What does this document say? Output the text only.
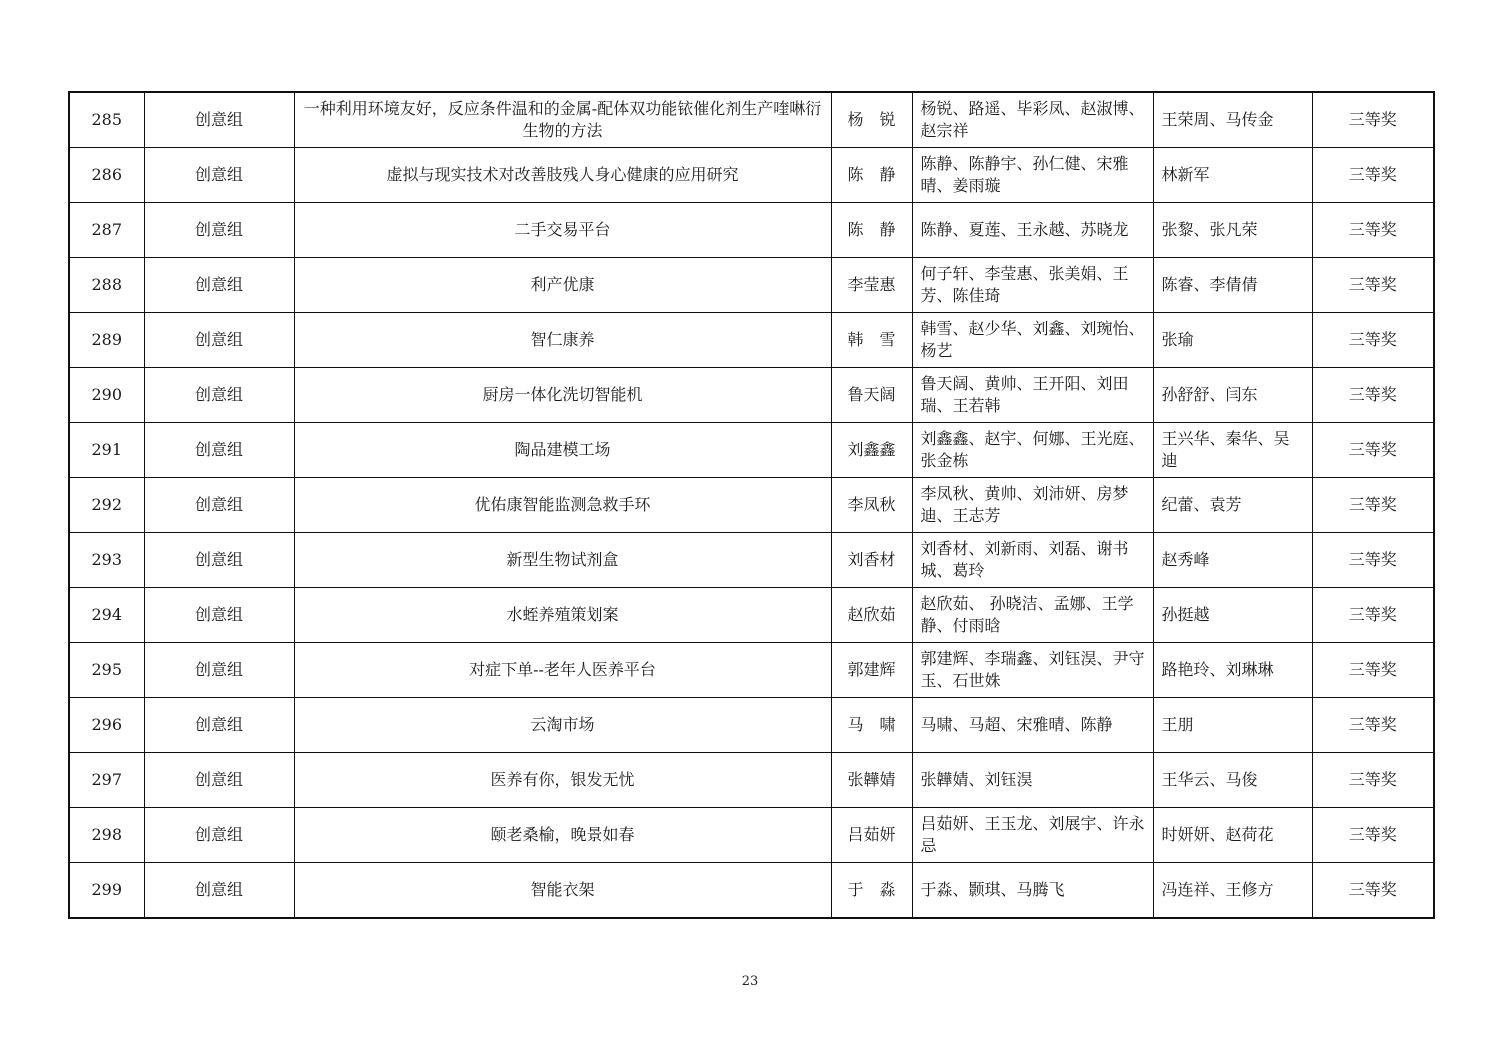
285	创意组	一种利用环境友好，反应条件温和的金属-配体双功能铱催化剂生产喹啉衍生物的方法	杨　锐	杨锐、路遥、毕彩凤、赵淑博、赵宗祥	王荣周、马传金	三等奖
286	创意组	虚拟与现实技术对改善肢残人身心健康的应用研究	陈　静	陈静、陈静宇、孙仁健、宋雅晴、姜雨璇	林新军	三等奖
287	创意组	二手交易平台	陈　静	陈静、夏莲、王永越、苏晓龙	张黎、张凡荣	三等奖
288	创意组	利产优康	李莹惠	何子轩、李莹惠、张美娟、王芳、陈佳琦	陈睿、李倩倩	三等奖
289	创意组	智仁康养	韩　雪	韩雪、赵少华、刘鑫、刘琬怡、杨艺	张瑜	三等奖
290	创意组	厨房一体化洗切智能机	鲁天阔	鲁天阔、黄帅、王开阳、刘田瑞、王若韩	孙舒舒、闫东	三等奖
291	创意组	陶品建模工场	刘鑫鑫	刘鑫鑫、赵宇、何娜、王光庭、张金栋	王兴华、秦华、吴迪	三等奖
292	创意组	优佑康智能监测急救手环	李凤秋	李凤秋、黄帅、刘沛妍、房梦迪、王志芳	纪蕾、袁芳	三等奖
293	创意组	新型生物试剂盒	刘香材	刘香材、刘新雨、刘磊、谢书城、葛玲	赵秀峰	三等奖
294	创意组	水蛭养殖策划案	赵欣茹	赵欣茹、 孙晓洁、孟娜、王学静、付雨晗	孙挺越	三等奖
295	创意组	对症下单--老年人医养平台	郭建辉	郭建辉、李瑞鑫、刘钰淏、尹守玉、石世姝	路艳玲、刘琳琳	三等奖
296	创意组	云淘市场	马　啸	马啸、马超、宋雅晴、陈静	王朋	三等奖
297	创意组	医养有你，银发无忧	张韡婧	张韡婧、刘钰淏	王华云、马俊	三等奖
298	创意组	颐老桑榆，晚景如春	吕茹妍	吕茹妍、王玉龙、刘展宇、许永忌	时妍妍、赵荷花	三等奖
299	创意组	智能衣架	于　淼	于淼、颢琪、马腾飞	冯连祥、王修方	三等奖
23
